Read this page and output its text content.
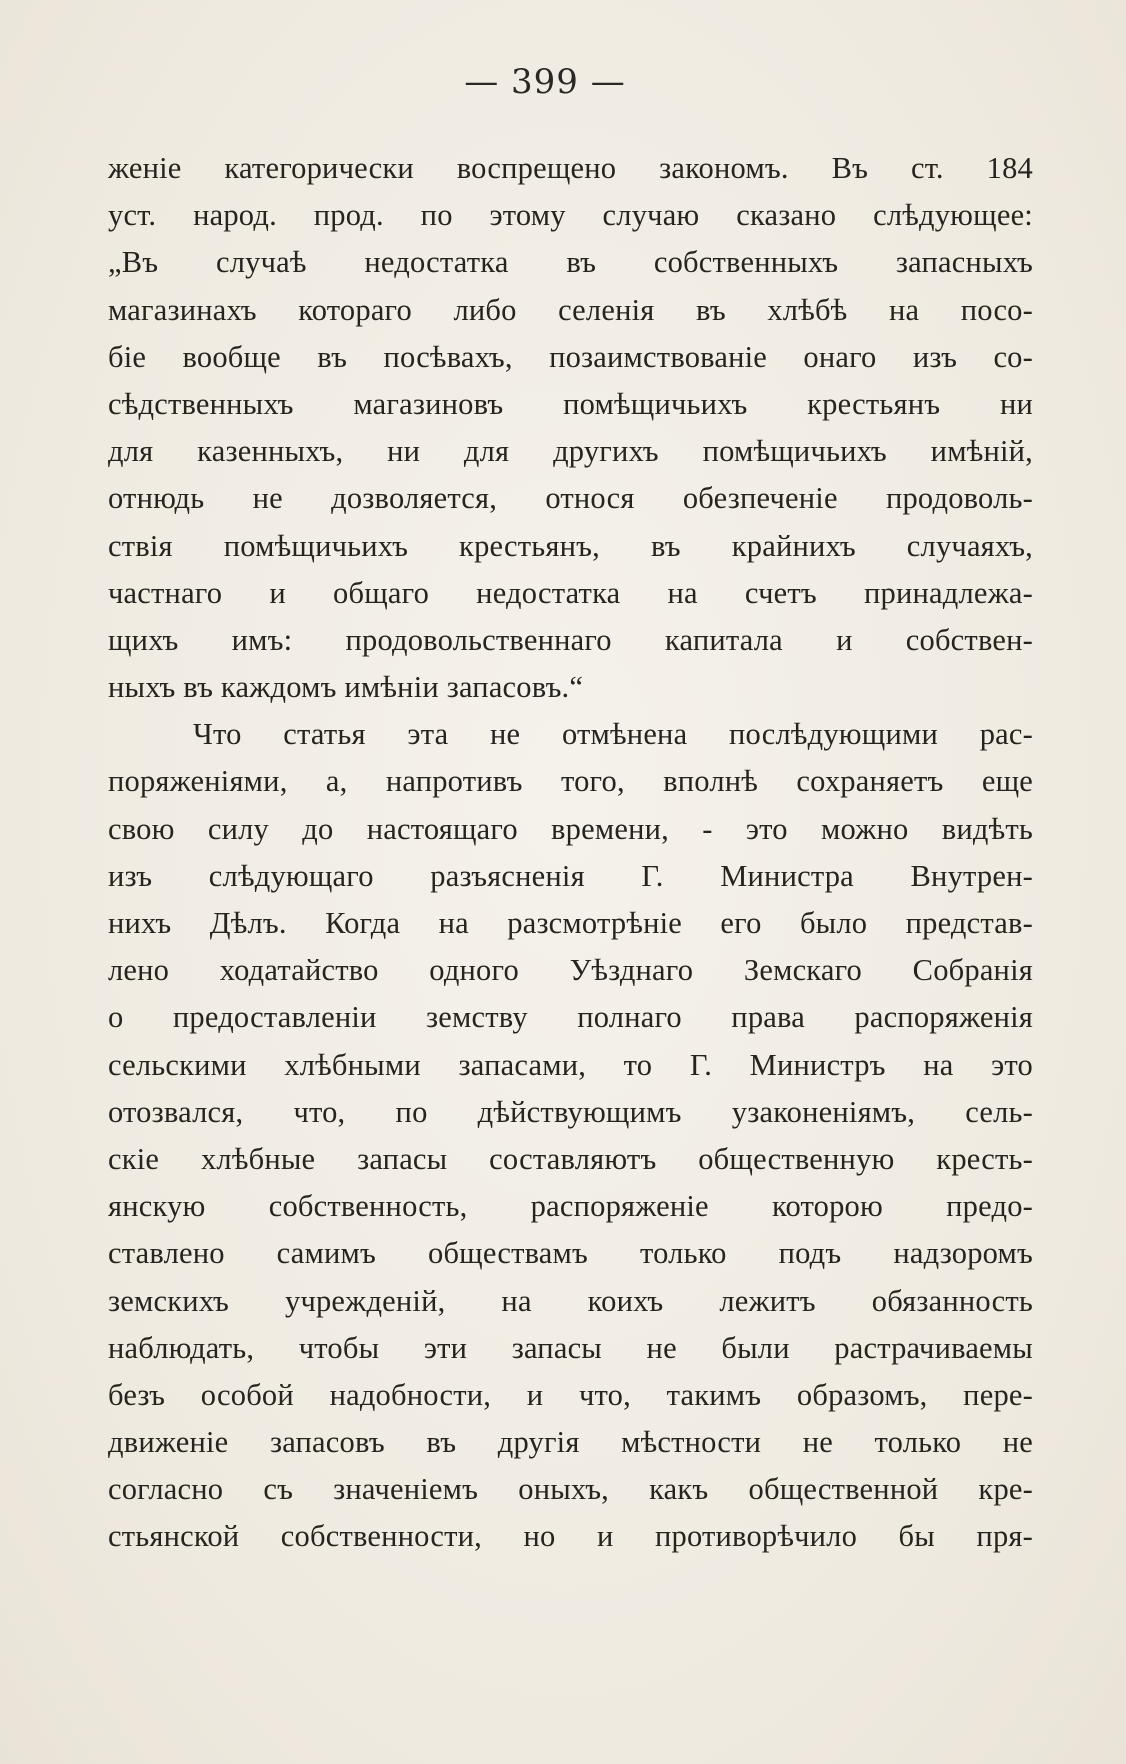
— 399 —
женіе категорически воспрещено закономъ. Въ ст. 184
уст. народ. прод. по этому случаю сказано слѣдующее:
„Въ случаѣ недостатка въ собственныхъ запасныхъ
магазинахъ котораго либо селенія въ хлѣбѣ на посо-
біе вообще въ посѣвахъ, позаимствованіе онаго изъ со-
сѣдственныхъ магазиновъ помѣщичьихъ крестьянъ ни
для казенныхъ, ни для другихъ помѣщичьихъ имѣній,
отнюдь не дозволяется, относя обезпеченіе продоволь-
ствія помѣщичьихъ крестьянъ, въ крайнихъ случаяхъ,
частнаго и общаго недостатка на счетъ принадлежа-
щихъ имъ: продовольственнаго капитала и собствен-
ныхъ въ каждомъ имѣніи запасовъ.“
Что статья эта не отмѣнена послѣдующими рас-
поряженіями, а, напротивъ того, вполнѣ сохраняетъ еще
свою силу до настоящаго времени, - это можно видѣть
изъ слѣдующаго разъясненія Г. Министра Внутрен-
нихъ Дѣлъ. Когда на разсмотрѣніе его было представ-
лено ходатайство одного Уѣзднаго Земскаго Собранія
о предоставленіи земству полнаго права распоряженія
сельскими хлѣбными запасами, то Г. Министръ на это
отозвался, что, по дѣйствующимъ узаконеніямъ, сель-
скіе хлѣбные запасы составляютъ общественную кресть-
янскую собственность, распоряженіе которою предо-
ставлено самимъ обществамъ только подъ надзоромъ
земскихъ учрежденій, на коихъ лежитъ обязанность
наблюдать, чтобы эти запасы не были растрачиваемы
безъ особой надобности, и что, такимъ образомъ, пере-
движеніе запасовъ въ другія мѣстности не только не
согласно съ значеніемъ оныхъ, какъ общественной кре-
стьянской собственности, но и противорѣчило бы пря-
